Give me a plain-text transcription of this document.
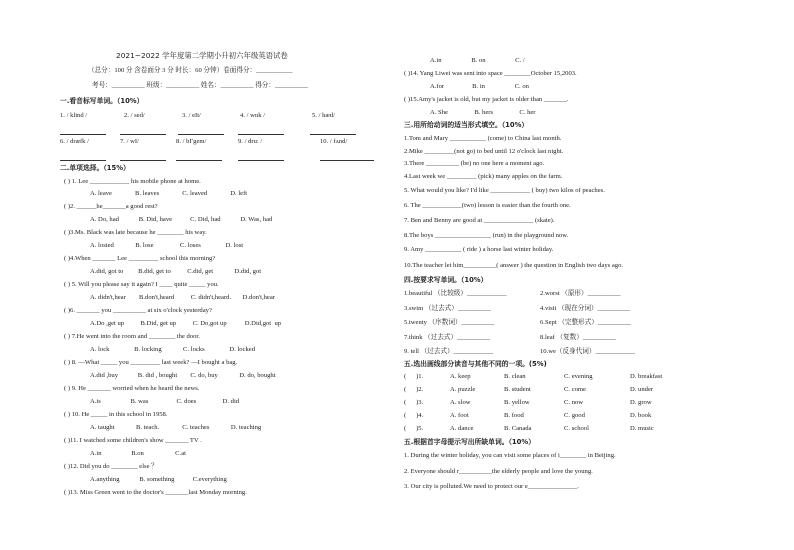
2021~2022 学年度第二学期小升初六年级英语试卷
（总分：100 分 含卷面分 3 分 时长：60 分钟）卷面得分：___________
考号：__________ 班级：__________ 姓名：__________ 得分：__________
一.看音标写单词。（10%）
1. / klind /	2. / sed/	3. / eIt/	4. / wɒk /	5. / hæd/
6. / dræfk /	7. / wI/	8. / bΓgem/	9. / dru: /	10. / fʌnd/
二.单项选择。（15%）
( ) 1. Lee ____________ his mobile phone at home.
A. leave              B. leaves              C. leaved              D. left
( )2. ______he_______a good rest?
A. Do, had            B. Did, have           C. Did, had            D. Was, had
( )3.Ms. Black was late because he ________ his way.
A. losted             B. lose                C. loses               D. lost
( )4.When _______ Lee _________ school this morning?
A.did, got to         B.did, get to          C.did, get             D.did, got
( ) 5. Will you please say it again? I ____ quite _____ you.
A. didn't,hear        B.don't,heard          C. didn't,heard.       D.don't,hear
( )6. _______ you __________ at six o'clock yesterday?
A.Do ,get up          B.Did, get up          C. Do,got up           D.Did,got  up
( ) 7.He went into the room and ________ the door.
A. lock               B. locking             C. locks               D. locked
( ) 8. —What _____ you _________ last week? —I bought a bag.
A.did ,buy            B. did , bought        C. do, buy             D. do, bought
( ) 9. He _______ worried when he heard the news.
A.is                  B. was                 C. does                D. did
( ) 10. He _____ in this school in 1958.
A. taught             B. teach.              C. teaches             D. teaching
( )11. I watched some children's show _______ TV .
A.in                  B.on                   C.at
( )12. Did you do ________ else ？
A.anything            B. something           C.everything
( )13. Miss Green went to the doctor's _______last Monday morning.
A.in                  B. on                  C. /
( )14. Yang Liwei was sent into space ________October 15,2003.
A.for                 B. in                  C. on
( )15.Amy's jacket is old, but my jacket is older than _______.
A. She                B. hers                C. her
三.用所给动词的适当形式填空。（10%）
1.Tom and Mary ___________ (come) to China last month.
2.Mike _________(not go) to bed until 12 o'clock last night.
3.There __________ (be) no one here a moment ago.
4.Last week we _________ (pick) many apples on the farm.
5. What would you like? I'd like ____________ ( buy) two kilos of peaches.
6. The ____________(two) lesson is easier than the fourth one.
7. Ben and Benny are good at _______________ (skate).
8.The boys _________________ (run) in the playground now.
9. Amy ___________ ( ride ) a horse last winter holiday.
10.The teacher let him__________( answer ) the question in English two days ago.
四.按要求写单词。（10%）
1.beautiful （比较级）____________	2.worst （原形）__________
3.swim （过去式）__________	4.visit （现在分词）__________
5.twenty （序数词）__________	6.Sept （完整形式）__________
7.think （过去式）__________	8.leaf （复数）__________
9. tell （过去式）____________	10.we（反身代词）____________
五.选出画线部分读音与其他不同的一项。(5%)
(      )1.	A. keep	B. clean	C. evening	D. breakfast
(      )2.	A. puzzle	B. student	C. come	D. under
(      )3.	A. slow	B. yellow	C. now	D. grow
(      )4.	A. foot	B. food	C. good	D. book
(      )5.	A. dance	B. Canada	C. school	D. music
五.根据首字母提示写出所缺单词。（10%）
1. During the winter holiday, you can visit some places of i________ in Beijing.
2. Everyone should r__________the elderly people and love the young.
3. Our city is polluted.We need to protect our e_______________.
